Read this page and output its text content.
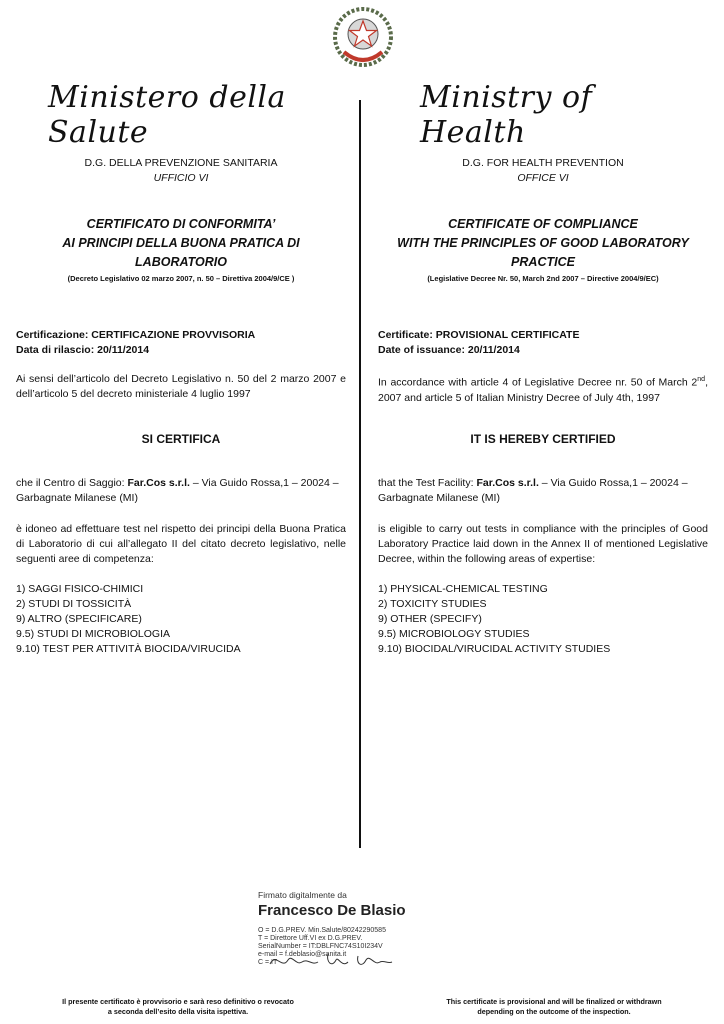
Ministero della Salute
Ministry of Health
D.G. DELLA PREVENZIONE SANITARIA
UFFICIO VI
CERTIFICATO DI CONFORMITA’
AI PRINCIPI DELLA BUONA PRATICA DI
LABORATORIO
(Decreto Legislativo 02 marzo 2007, n. 50 – Direttiva 2004/9/CE )
Certificazione: CERTIFICAZIONE PROVVISORIA
Data di rilascio: 20/11/2014
Ai sensi dell’articolo del Decreto Legislativo n. 50 del 2 marzo 2007 e dell’articolo 5 del decreto ministeriale 4 luglio 1997
SI CERTIFICA
che il Centro di Saggio: Far.Cos s.r.l. – Via Guido Rossa,1 – 20024 – Garbagnate Milanese (MI)
è idoneo ad effettuare test nel rispetto dei principi della Buona Pratica di Laboratorio di cui all’allegato II del citato decreto legislativo, nelle seguenti aree di competenza:
1) SAGGI FISICO-CHIMICI
2) STUDI DI TOSSICITÀ
9) ALTRO (SPECIFICARE)
9.5) STUDI DI MICROBIOLOGIA
9.10) TEST PER ATTIVITÀ BIOCIDA/VIRUCIDA
D.G. FOR HEALTH PREVENTION
OFFICE VI
CERTIFICATE OF COMPLIANCE
WITH THE PRINCIPLES OF GOOD LABORATORY
PRACTICE
(Legislative Decree Nr. 50, March 2nd 2007 – Directive 2004/9/EC)
Certificate: PROVISIONAL CERTIFICATE
Date of issuance: 20/11/2014
In accordance with article 4 of Legislative Decree nr. 50 of March 2nd, 2007 and article 5 of Italian Ministry Decree of July 4th, 1997
IT IS HEREBY CERTIFIED
that the Test Facility: Far.Cos s.r.l. – Via Guido Rossa,1 – 20024 – Garbagnate Milanese (MI)
is eligible to carry out tests in compliance with the principles of Good Laboratory Practice laid down in the Annex II of mentioned Legislative Decree, within the following areas of expertise:
1) PHYSICAL-CHEMICAL TESTING
2) TOXICITY STUDIES
9) OTHER (SPECIFY)
9.5) MICROBIOLOGY STUDIES
9.10) BIOCIDAL/VIRUCIDAL ACTIVITY STUDIES
Firmato digitalmente da
Francesco De Blasio
O = D.G.PREV. Min.Salute/80242290585
T = Direttore Uff.VI ex D.G.PREV.
SerialNumber = IT:DBLFNC74S10I234V
e-mail = f.deblasio@sanita.it
C = IT
Il presente certificato è provvisorio e sarà reso definitivo o revocato
a seconda dell’esito della visita ispettiva.
This certificate is provisional and will be finalized or withdrawn
depending on the outcome of the inspection.
